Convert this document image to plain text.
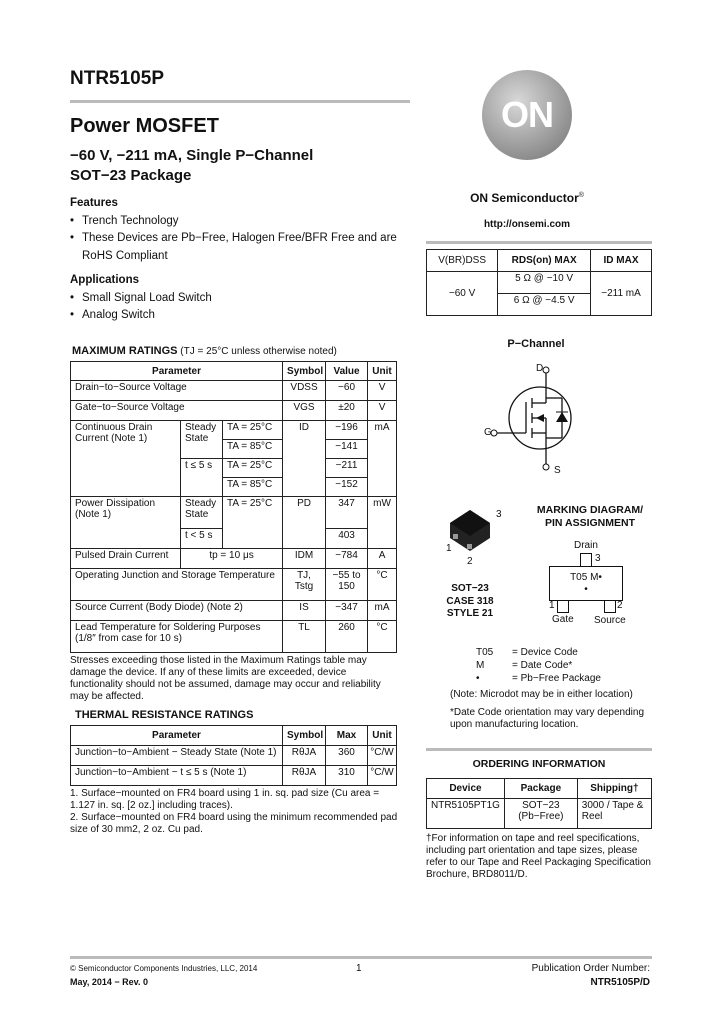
NTR5105P
Power MOSFET
−60 V, −211 mA, Single P−Channel
SOT−23 Package
Features
• Trench Technology
• These Devices are Pb−Free, Halogen Free/BFR Free and are RoHS Compliant
Applications
• Small Signal Load Switch
• Analog Switch
ON
ON Semiconductor®
http://onsemi.com
V(BR)DSS	RDS(on) MAX	ID MAX
−60 V	5 Ω @ −10 V	−211 mA
	6 Ω @ −4.5 V	
P−Channel
D
G
S
3
1
2
SOT−23
CASE 318
STYLE 21
MARKING DIAGRAM/
PIN ASSIGNMENT
Drain
3
T05 M•
•
1	2
Gate Source
T05 = Device Code
M	= Date Code*
•	= Pb−Free Package
(Note: Microdot may be in either location)
*Date Code orientation may vary depending upon manufacturing location.
ORDERING INFORMATION
Device	Package	Shipping†
NTR5105PT1G	SOT−23 (Pb−Free)	3000 / Tape & Reel
†For information on tape and reel specifications, including part orientation and tape sizes, please refer to our Tape and Reel Packaging Specification Brochure, BRD8011/D.
MAXIMUM RATINGS (TJ = 25°C unless otherwise noted)
Parameter			Symbol	Value	Unit
Drain−to−Source Voltage			VDSS	−60	V
Gate−to−Source Voltage			VGS	±20	V
Continuous Drain Current (Note 1)	Steady State	TA = 25°C	ID	−196	mA
		TA = 85°C		−141	
	t ≤ 5 s	TA = 25°C		−211	
		TA = 85°C		−152	
Power Dissipation (Note 1)	Steady State	TA = 25°C	PD	347	mW
	t < 5 s			403	
Pulsed Drain Current	tp = 10 μs		IDM	−784	A
Operating Junction and Storage Temperature			TJ, Tstg	−55 to 150	°C
Source Current (Body Diode) (Note 2)			IS	−347	mA
Lead Temperature for Soldering Purposes (1/8″ from case for 10 s)			TL	260	°C
Stresses exceeding those listed in the Maximum Ratings table may damage the device. If any of these limits are exceeded, device functionality should not be assumed, damage may occur and reliability may be affected.
THERMAL RESISTANCE RATINGS
Parameter	Symbol	Max	Unit
Junction−to−Ambient − Steady State (Note 1)	RθJA	360	°C/W
Junction−to−Ambient − t ≤ 5 s (Note 1)	RθJA	310	°C/W
1. Surface−mounted on FR4 board using 1 in. sq. pad size (Cu area = 1.127 in. sq. [2 oz.] including traces).
2. Surface−mounted on FR4 board using the minimum recommended pad size of 30 mm2, 2 oz. Cu pad.
© Semiconductor Components Industries, LLC, 2014
May, 2014 − Rev. 0
1	Publication Order Number:
NTR5105P/D
